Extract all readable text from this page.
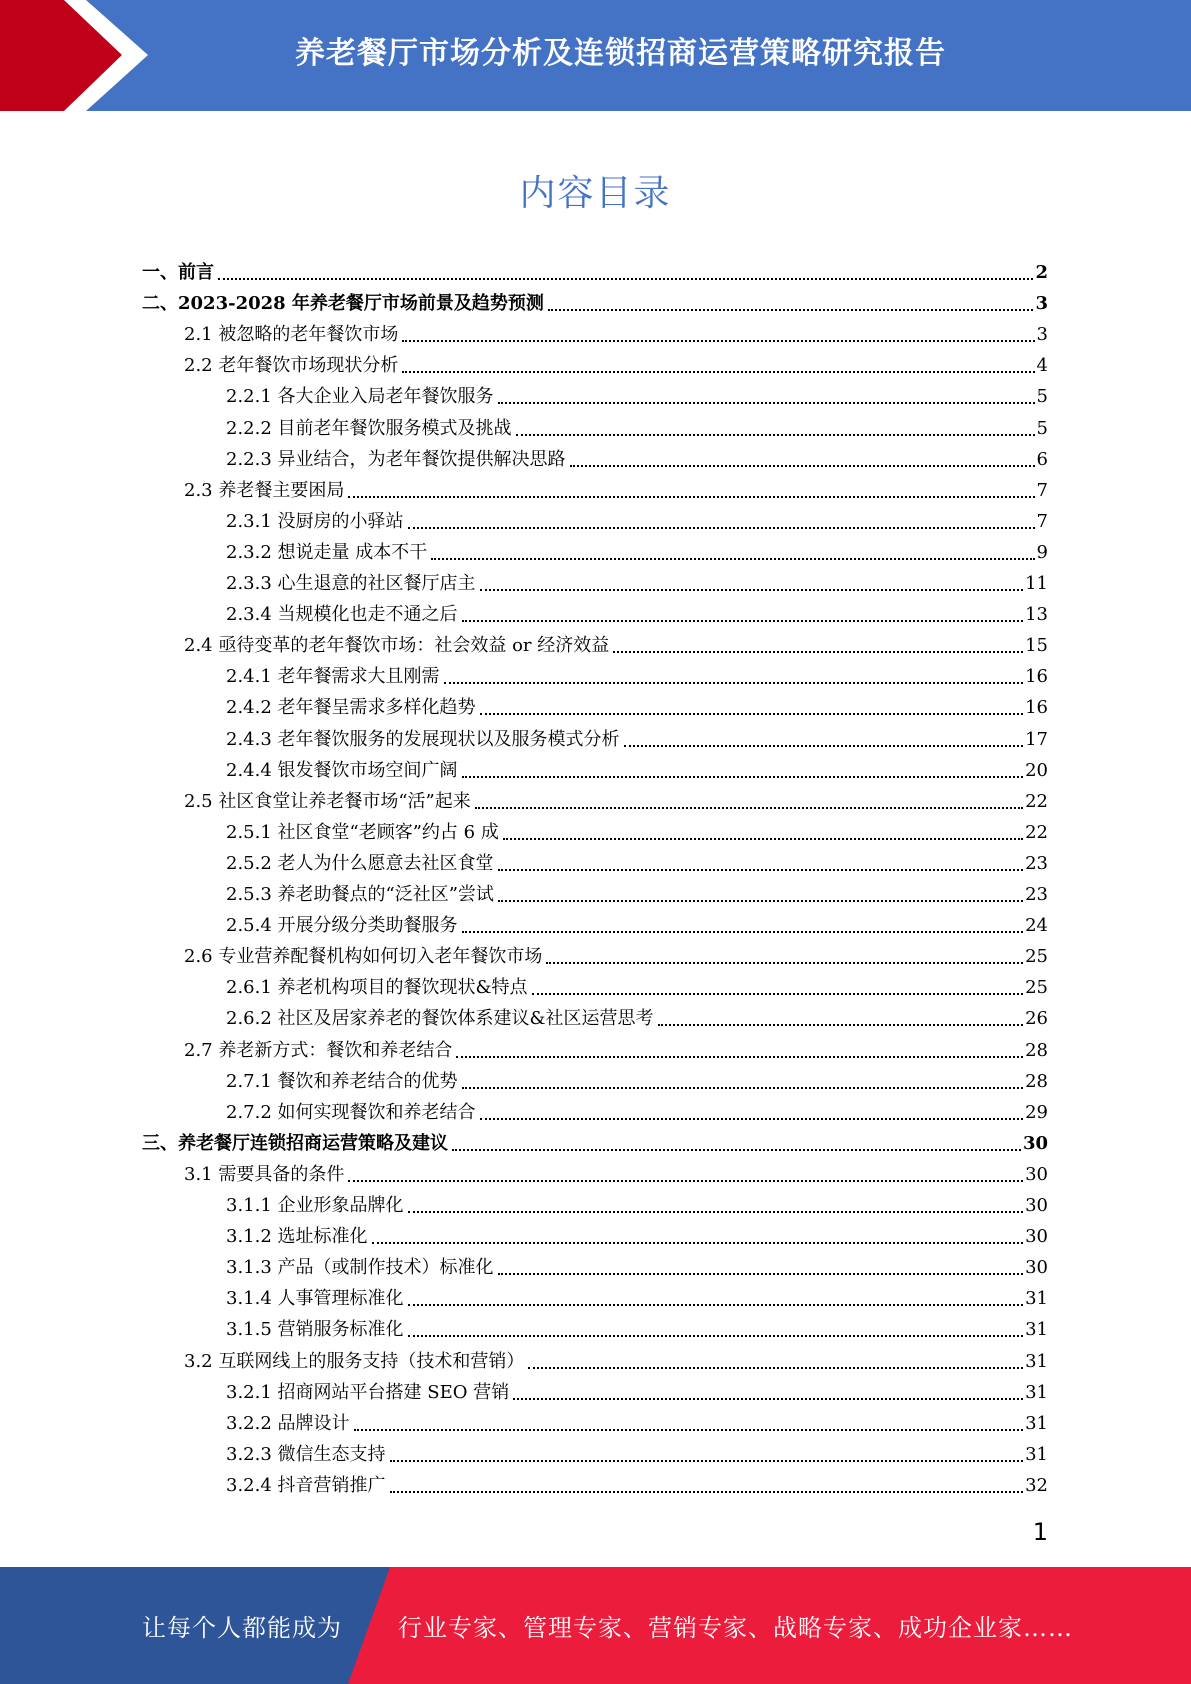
养老餐厅市场分析及连锁招商运营策略研究报告
内容目录
一、前言	2
二、2023-2028 年养老餐厅市场前景及趋势预测	3
2.1 被忽略的老年餐饮市场	3
2.2 老年餐饮市场现状分析	4
2.2.1 各大企业入局老年餐饮服务	5
2.2.2 目前老年餐饮服务模式及挑战	5
2.2.3 异业结合，为老年餐饮提供解决思路	6
2.3 养老餐主要困局	7
2.3.1 没厨房的小驿站	7
2.3.2 想说走量 成本不干	9
2.3.3 心生退意的社区餐厅店主	11
2.3.4 当规模化也走不通之后	13
2.4 亟待变革的老年餐饮市场：社会效益 or 经济效益	15
2.4.1 老年餐需求大且刚需	16
2.4.2 老年餐呈需求多样化趋势	16
2.4.3 老年餐饮服务的发展现状以及服务模式分析	17
2.4.4 银发餐饮市场空间广阔	20
2.5 社区食堂让养老餐市场“活”起来	22
2.5.1 社区食堂“老顾客”约占 6 成	22
2.5.2 老人为什么愿意去社区食堂	23
2.5.3 养老助餐点的“泛社区”尝试	23
2.5.4 开展分级分类助餐服务	24
2.6 专业营养配餐机构如何切入老年餐饮市场	25
2.6.1 养老机构项目的餐饮现状&特点	25
2.6.2 社区及居家养老的餐饮体系建议&社区运营思考	26
2.7 养老新方式：餐饮和养老结合	28
2.7.1 餐饮和养老结合的优势	28
2.7.2 如何实现餐饮和养老结合	29
三、养老餐厅连锁招商运营策略及建议	30
3.1 需要具备的条件	30
3.1.1 企业形象品牌化	30
3.1.2 选址标准化	30
3.1.3 产品（或制作技术）标准化	30
3.1.4 人事管理标准化	31
3.1.5 营销服务标准化	31
3.2 互联网线上的服务支持（技术和营销）	31
3.2.1 招商网站平台搭建 SEO 营销	31
3.2.2 品牌设计	31
3.2.3 微信生态支持	31
3.2.4 抖音营销推广	32
1
让每个人都能成为 行业专家、管理专家、营销专家、战略专家、成功企业家……
